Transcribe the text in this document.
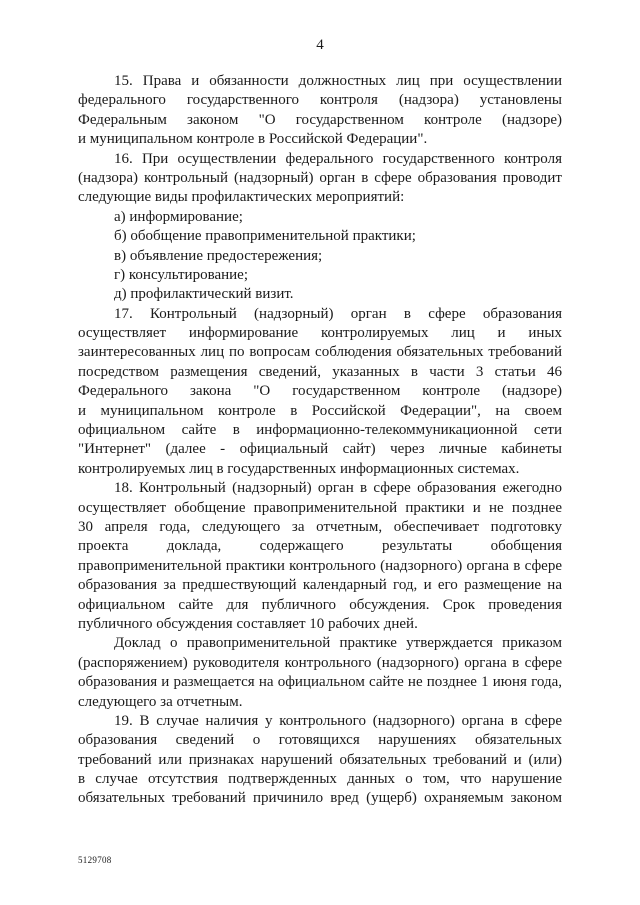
4
15. Права и обязанности должностных лиц при осуществлении
федерального государственного контроля (надзора) установлены
Федеральным законом "О государственном контроле (надзоре)
и муниципальном контроле в Российской Федерации".
16. При осуществлении федерального государственного контроля
(надзора) контрольный (надзорный) орган в сфере образования проводит
следующие виды профилактических мероприятий:
а) информирование;
б) обобщение правоприменительной практики;
в) объявление предостережения;
г) консультирование;
д) профилактический визит.
17. Контрольный (надзорный) орган в сфере образования
осуществляет информирование контролируемых лиц и иных
заинтересованных лиц по вопросам соблюдения обязательных требований
посредством размещения сведений, указанных в части 3 статьи 46
Федерального закона "О государственном контроле (надзоре)
и муниципальном контроле в Российской Федерации", на своем
официальном сайте в информационно-телекоммуникационной сети
"Интернет" (далее - официальный сайт) через личные кабинеты
контролируемых лиц в государственных информационных системах.
18. Контрольный (надзорный) орган в сфере образования ежегодно
осуществляет обобщение правоприменительной практики и не позднее
30 апреля года, следующего за отчетным, обеспечивает подготовку
проекта доклада, содержащего результаты обобщения
правоприменительной практики контрольного (надзорного) органа в сфере
образования за предшествующий календарный год, и его размещение на
официальном сайте для публичного обсуждения. Срок проведения
публичного обсуждения составляет 10 рабочих дней.
Доклад о правоприменительной практике утверждается приказом
(распоряжением) руководителя контрольного (надзорного) органа в сфере
образования и размещается на официальном сайте не позднее 1 июня года,
следующего за отчетным.
19. В случае наличия у контрольного (надзорного) органа в сфере
образования сведений о готовящихся нарушениях обязательных
требований или признаках нарушений обязательных требований и (или)
в случае отсутствия подтвержденных данных о том, что нарушение
обязательных требований причинило вред (ущерб) охраняемым законом
5129708
